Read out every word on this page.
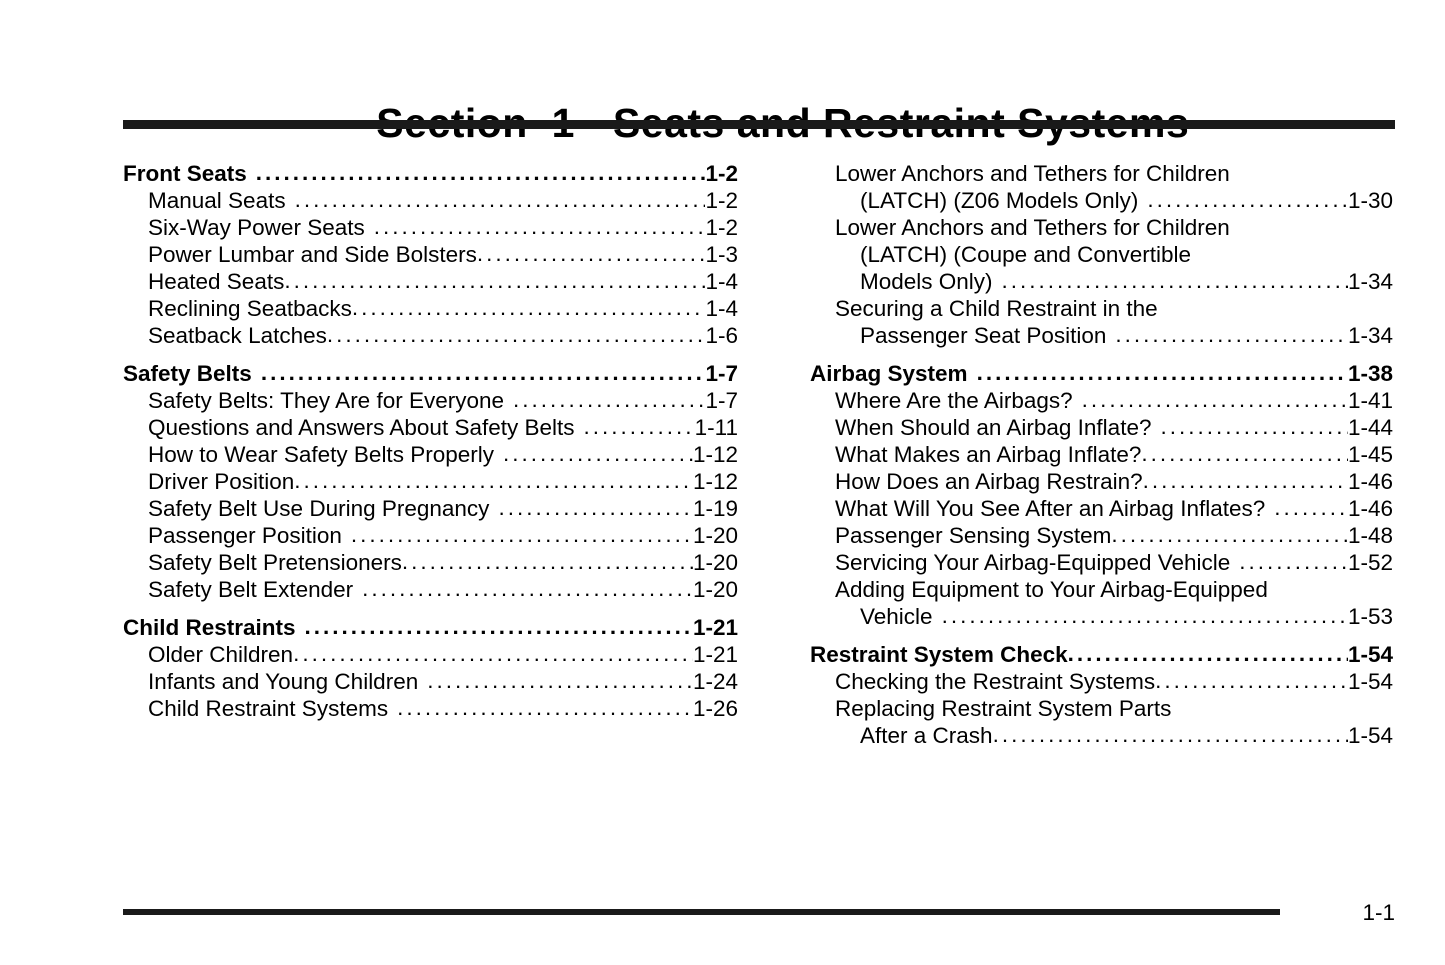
Front Seats .....	1-2
Manual Seats .....	1-2
Six-Way Power Seats .....	1-2
Power Lumbar and Side Bolsters .....	1-3
Heated Seats .....	1-4
Reclining Seatbacks .....	1-4
Seatback Latches .....	1-6
Safety Belts .....	1-7
Safety Belts: They Are for Everyone .....	1-7
Questions and Answers About Safety Belts .....	1-11
How to Wear Safety Belts Properly .....	1-12
Driver Position .....	1-12
Safety Belt Use During Pregnancy .....	1-19
Passenger Position .....	1-20
Safety Belt Pretensioners .....	1-20
Safety Belt Extender .....	1-20
Child Restraints .....	1-21
Older Children .....	1-21
Infants and Young Children .....	1-24
Child Restraint Systems .....	1-26
Lower Anchors and Tethers for Children
(LATCH) (Z06 Models Only) .....	1-30
Lower Anchors and Tethers for Children
(LATCH) (Coupe and Convertible
Models Only) .....	1-34
Securing a Child Restraint in the
Passenger Seat Position .....	1-34
Airbag System .....	1-38
Where Are the Airbags? .....	1-41
When Should an Airbag Inflate? .....	1-44
What Makes an Airbag Inflate? .....	1-45
How Does an Airbag Restrain? .....	1-46
What Will You See After an Airbag Inflates? .....	1-46
Passenger Sensing System .....	1-48
Servicing Your Airbag-Equipped Vehicle .....	1-52
Adding Equipment to Your Airbag-Equipped
Vehicle .....	1-53
Restraint System Check .....	1-54
Checking the Restraint Systems .....	1-54
Replacing Restraint System Parts
After a Crash .....	1-54
1-1
